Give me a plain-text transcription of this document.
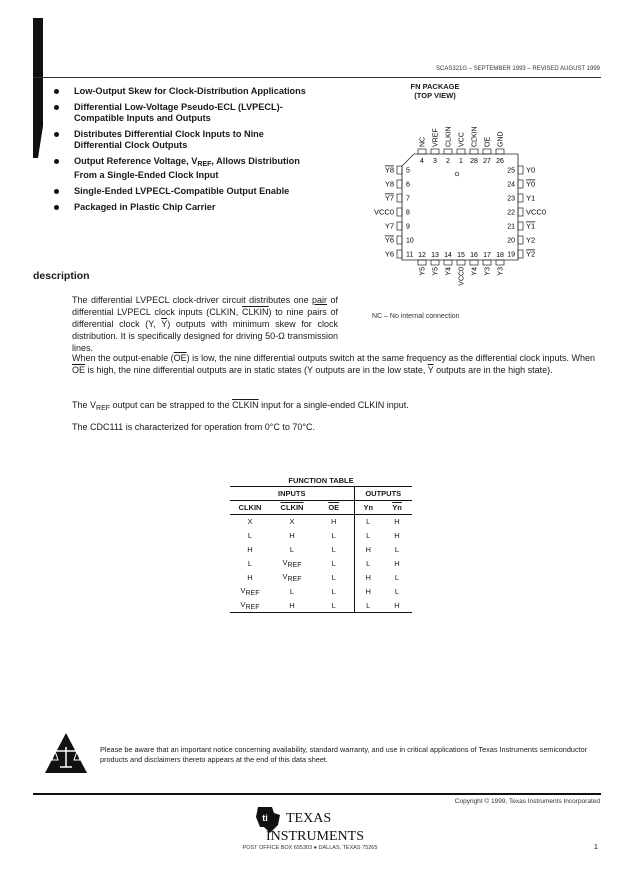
SCAS321G – SEPTEMBER 1993 – REVISED AUGUST 1999
Low-Output Skew for Clock-Distribution Applications
Differential Low-Voltage Pseudo-ECL (LVPECL)-Compatible Inputs and Outputs
Distributes Differential Clock Inputs to Nine Differential Clock Outputs
Output Reference Voltage, $V_{REF}$, Allows Distribution From a Single-Ended Clock Input
Single-Ended LVPECL-Compatible Output Enable
Packaged in Plastic Chip Carrier
FN PACKAGE
(TOP VIEW)
4
NC
3
VREF
2
CLKIN
1
VCC
28
CLKIN
27
OE
26
GND
12
Y5
13
Y5
14
Y4
15
VCC0
16
Y4
17
Y3
18
Y3
5
Y8
6
Y8
7
Y7
8
VCC0
9
Y7
10
Y6
11
Y6
25 Y0
24 Y0
23 Y1
22 VCC0
21 Y1
20 Y2
19 Y2
NC – No internal connection
description
The differential LVPECL clock-driver circuit distributes one pair of differential LVPECL clock inputs (CLKIN, CLKIN) to nine pairs of differential clock (Y, $\overline{Y}$) outputs with minimum skew for clock distribution. It is specifically designed for driving 50-Ω transmission lines.
When the output-enable $(\overline{OE})$ is low, the nine differential outputs switch at the same frequency as the differential clock inputs. When $\overline{OE}$ is high, the nine differential outputs are in static states (Y outputs are in the low state, $\overline{Y}$ outputs are in the high state).
The $V_{REF}$ output can be strapped to the CLKIN input for a single-ended CLKIN input.
The CDC111 is characterized for operation from 0°C to 70°C.
FUNCTION TABLE
INPUTS			OUTPUTS	
CLKIN	CLKIN	$\overline{OE}$	Yn	$\overline{Yn}$
X	X	H	L	H
L	H	L	L	H
H	L	L	H	L
L	$V_{REF}$	L	L	H
H	$V_{REF}$	L	H	L
$V_{REF}$	L	L	H	L
$V_{REF}$	H	L	L	H
Please be aware that an important notice concerning availability, standard warranty, and use in critical applications of Texas Instruments semiconductor products and disclaimers thereto appears at the end of this data sheet.
Copyright © 1999, Texas Instruments Incorporated
ti TEXAS
INSTRUMENTS
POST OFFICE BOX 655303 ● DALLAS, TEXAS 75265	1
